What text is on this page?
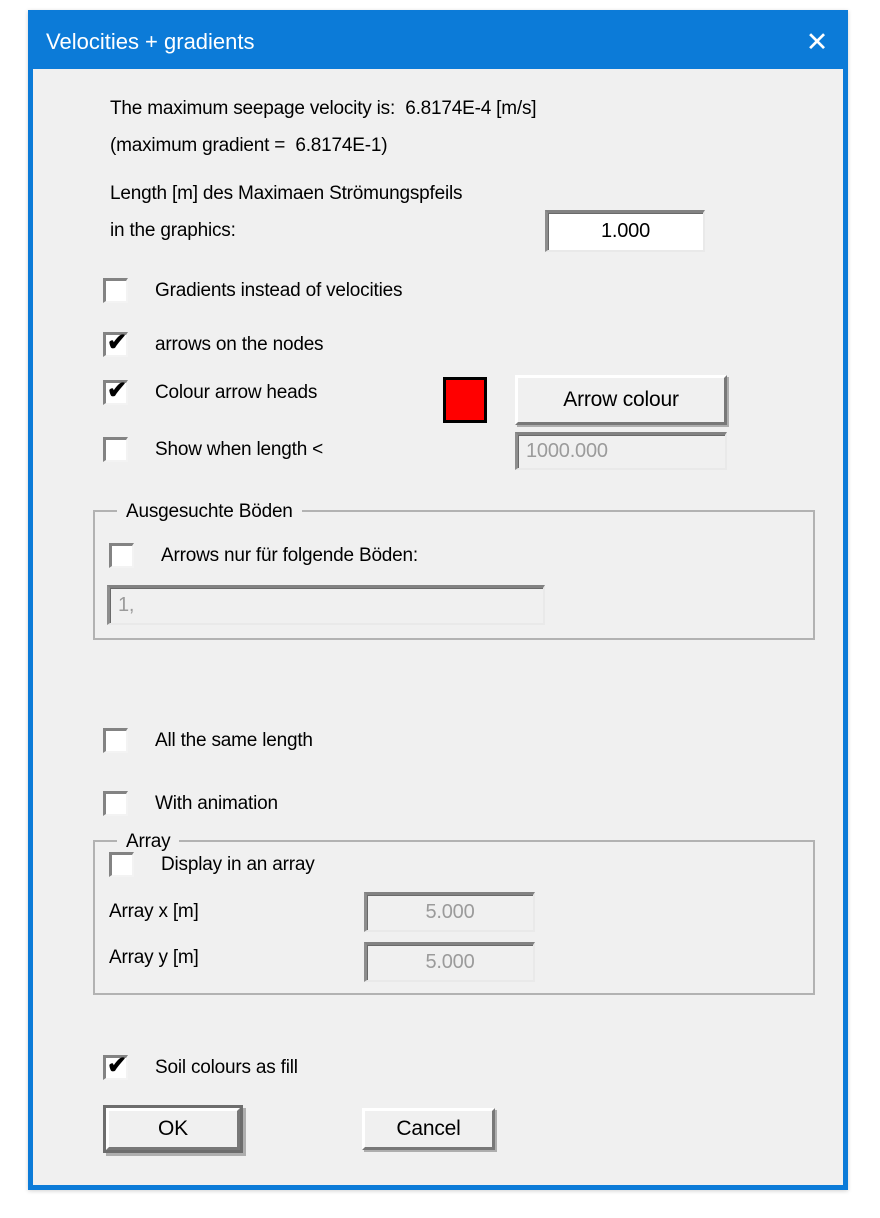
Velocities + gradients	✕
The maximum seepage velocity is:  6.8174E-4 [m/s]
(maximum gradient =  6.8174E-1)
Length [m] des Maximaen Strömungspfeils
in the graphics:	1.000
Gradients instead of velocities
✔ arrows on the nodes
✔ Colour arrow heads	Arrow colour
Show when length <	1000.000
Ausgesuchte Böden
Arrows nur für folgende Böden:
1,
All the same length
With animation
Array
Display in an array
Array x [m]	5.000
Array y [m]	5.000
✔ Soil colours as fill
OK	Cancel
